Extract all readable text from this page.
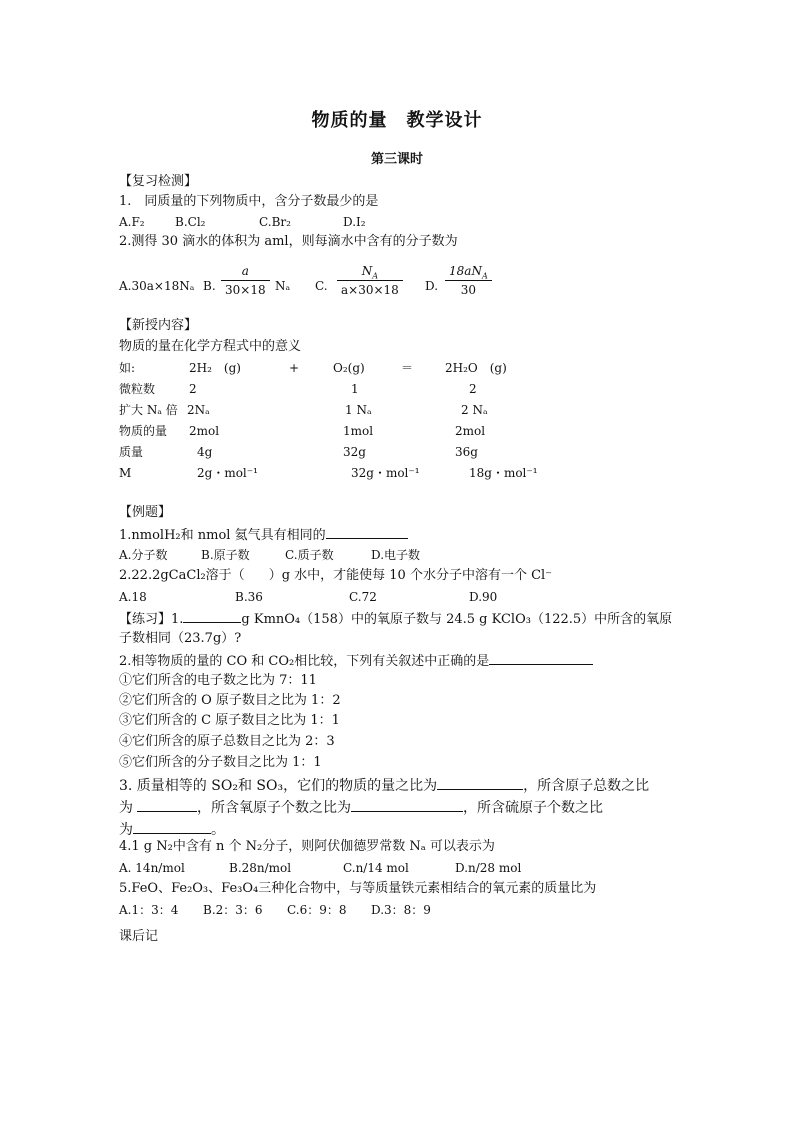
物质的量　教学设计
第三课时
【复习检测】
1.　同质量的下列物质中，含分子数最少的是
A.F₂	B.Cl₂	C.Br₂	D.I₂
2.测得 30 滴水的体积为 aml，则每滴水中含有的分子数为
A.30a×18Nₐ B. $\frac{a}{30\times 18}$ Nₐ C. $\frac{N_A}{a\times 30\times 18} D$.
$18aN_A$
30
【新授内容】
物质的量在化学方程式中的意义
如:	2H₂　(g)	+	O₂(g)	＝	2H₂O　(g)
微粒数	2	1	2
扩大 Nₐ 倍 2Nₐ	1 Nₐ	2 Nₐ
物质的量 2mol	1mol	2mol
质量	4g	32g	36g
M	2g・mol⁻¹	32g・mol⁻¹	18g・mol⁻¹
【例题】
1.nmolH₂和 nmol 氦气具有相同的
A.分子数	B.原子数	C.质子数	D.电子数
2.22.2gCaCl₂溶于（ ）g 水中，才能使每 10 个水分子中溶有一个 Cl⁻
A.18	B.36	C.72	D.90
【练习】1.	g KmnO₄（158）中的氧原子数与 24.5 g KClO₃（122.5）中所含的氧原
子数相同（23.7g）?
2.相等物质的量的 CO 和 CO₂相比较，下列有关叙述中正确的是
①它们所含的电子数之比为 7：11
②它们所含的 O 原子数目之比为 1：2
③它们所含的 C 原子数目之比为 1：1
④它们所含的原子总数目之比为 2：3
⑤它们所含的分子数目之比为 1：1
3. 质量相等的 SO₂和 SO₃，它们的物质的量之比为	，所含原子总数之比
为	，所含氧原子个数之比为	，所含硫原子个数之比
为	。
4.1 g N₂中含有 n 个 N₂分子，则阿伏伽德罗常数 Nₐ 可以表示为
A. 14n/mol	B.28n/mol	C.n/14 mol	D.n/28 mol
5.FeO、Fe₂O₃、Fe₃O₄三种化合物中，与等质量铁元素相结合的氧元素的质量比为
A.1：3：4 B.2：3：6 C.6：9：8 D.3：8：9
课后记
